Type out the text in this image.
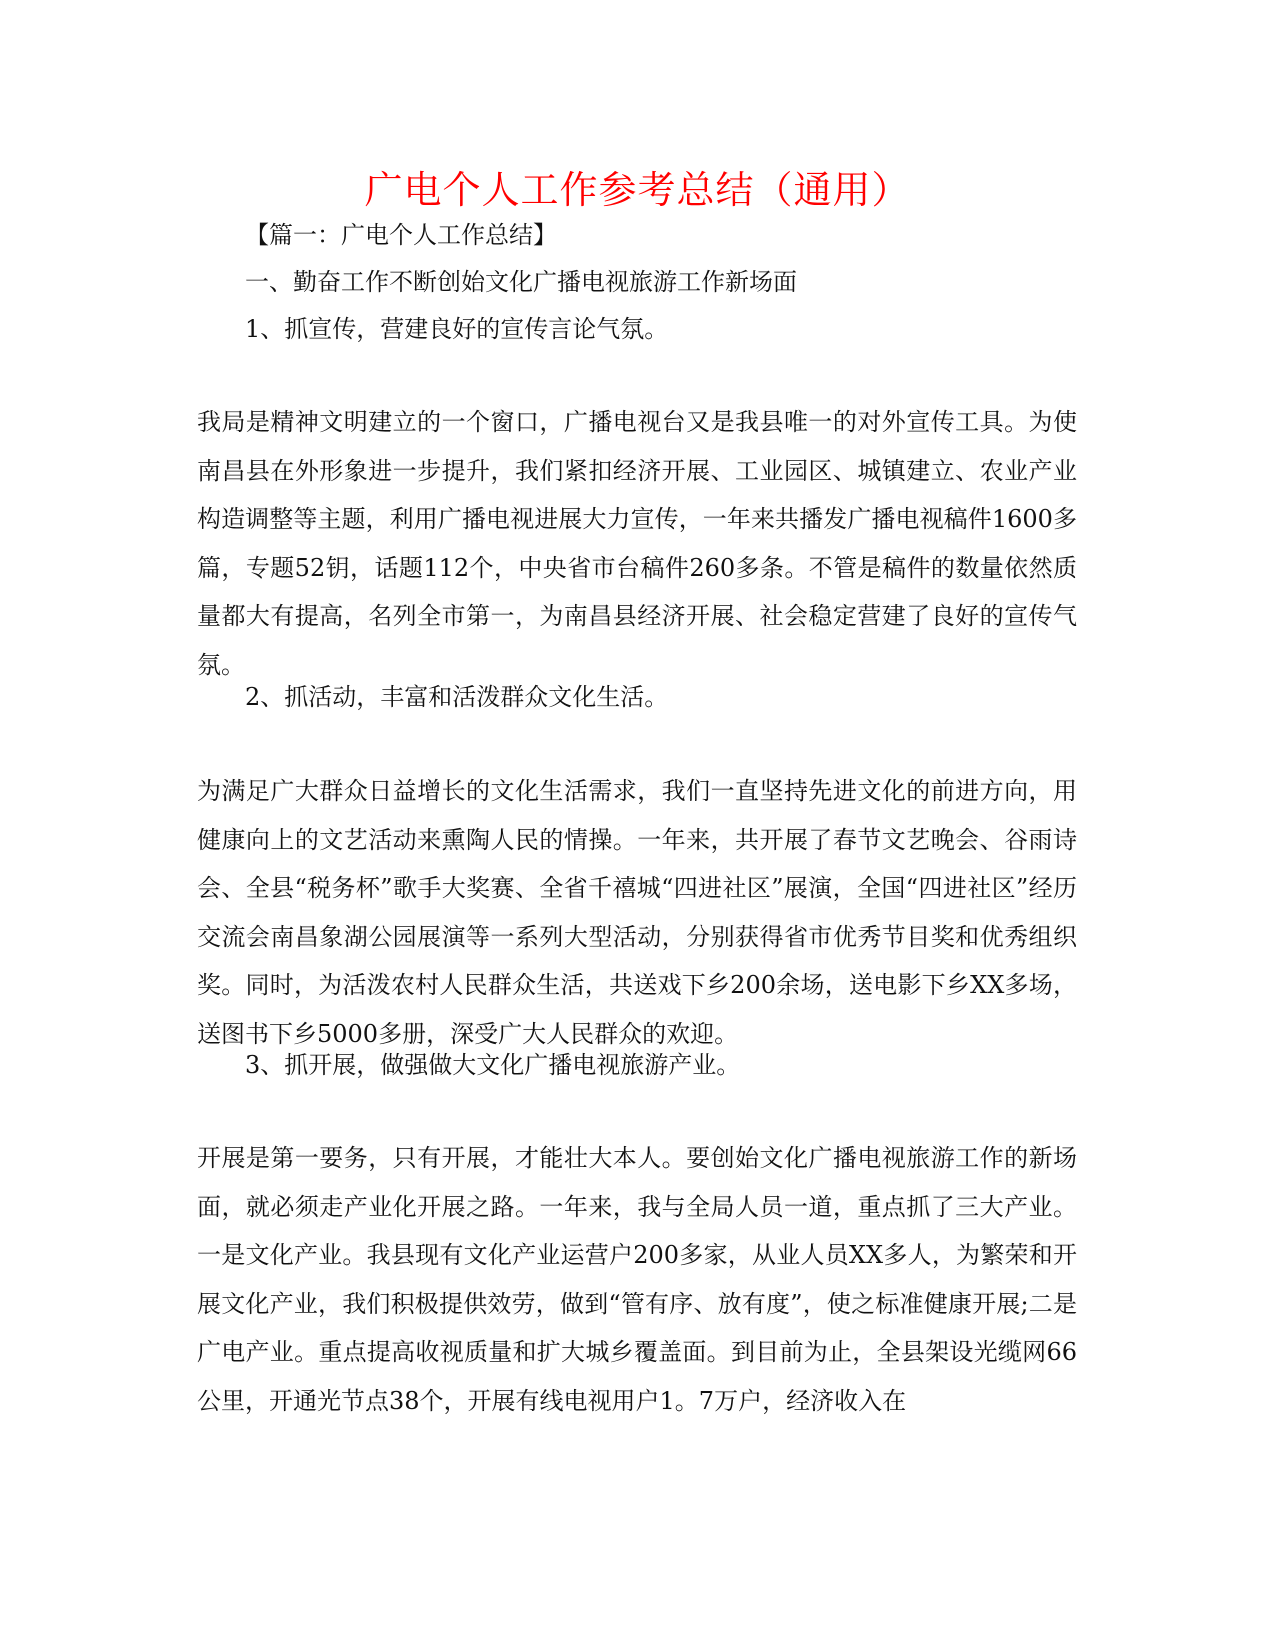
广电个人工作参考总结（通用）
【篇一：广电个人工作总结】
一、勤奋工作不断创始文化广播电视旅游工作新场面
1、抓宣传，营建良好的宣传言论气氛。
我局是精神文明建立的一个窗口，广播电视台又是我县唯一的对外宣传工具。为使南昌县在外形象进一步提升，我们紧扣经济开展、工业园区、城镇建立、农业产业构造调整等主题，利用广播电视进展大力宣传，一年来共播发广播电视稿件1600多篇，专题52钥，话题112个，中央省市台稿件260多条。不管是稿件的数量依然质量都大有提高，名列全市第一，为南昌县经济开展、社会稳定营建了良好的宣传气氛。
2、抓活动，丰富和活泼群众文化生活。
为满足广大群众日益增长的文化生活需求，我们一直坚持先进文化的前进方向，用健康向上的文艺活动来熏陶人民的情操。一年来，共开展了春节文艺晚会、谷雨诗会、全县“税务杯”歌手大奖赛、全省千禧城“四进社区”展演，全国“四进社区”经历交流会南昌象湖公园展演等一系列大型活动，分别获得省市优秀节目奖和优秀组织奖。同时，为活泼农村人民群众生活，共送戏下乡200余场，送电影下乡XX多场，送图书下乡5000多册，深受广大人民群众的欢迎。
3、抓开展，做强做大文化广播电视旅游产业。
开展是第一要务，只有开展，才能壮大本人。要创始文化广播电视旅游工作的新场面，就必须走产业化开展之路。一年来，我与全局人员一道，重点抓了三大产业。一是文化产业。我县现有文化产业运营户200多家，从业人员XX多人，为繁荣和开展文化产业，我们积极提供效劳，做到“管有序、放有度”，使之标准健康开展;二是广电产业。重点提高收视质量和扩大城乡覆盖面。到目前为止，全县架设光缆网66公里，开通光节点38个，开展有线电视用户1。7万户，经济收入在
